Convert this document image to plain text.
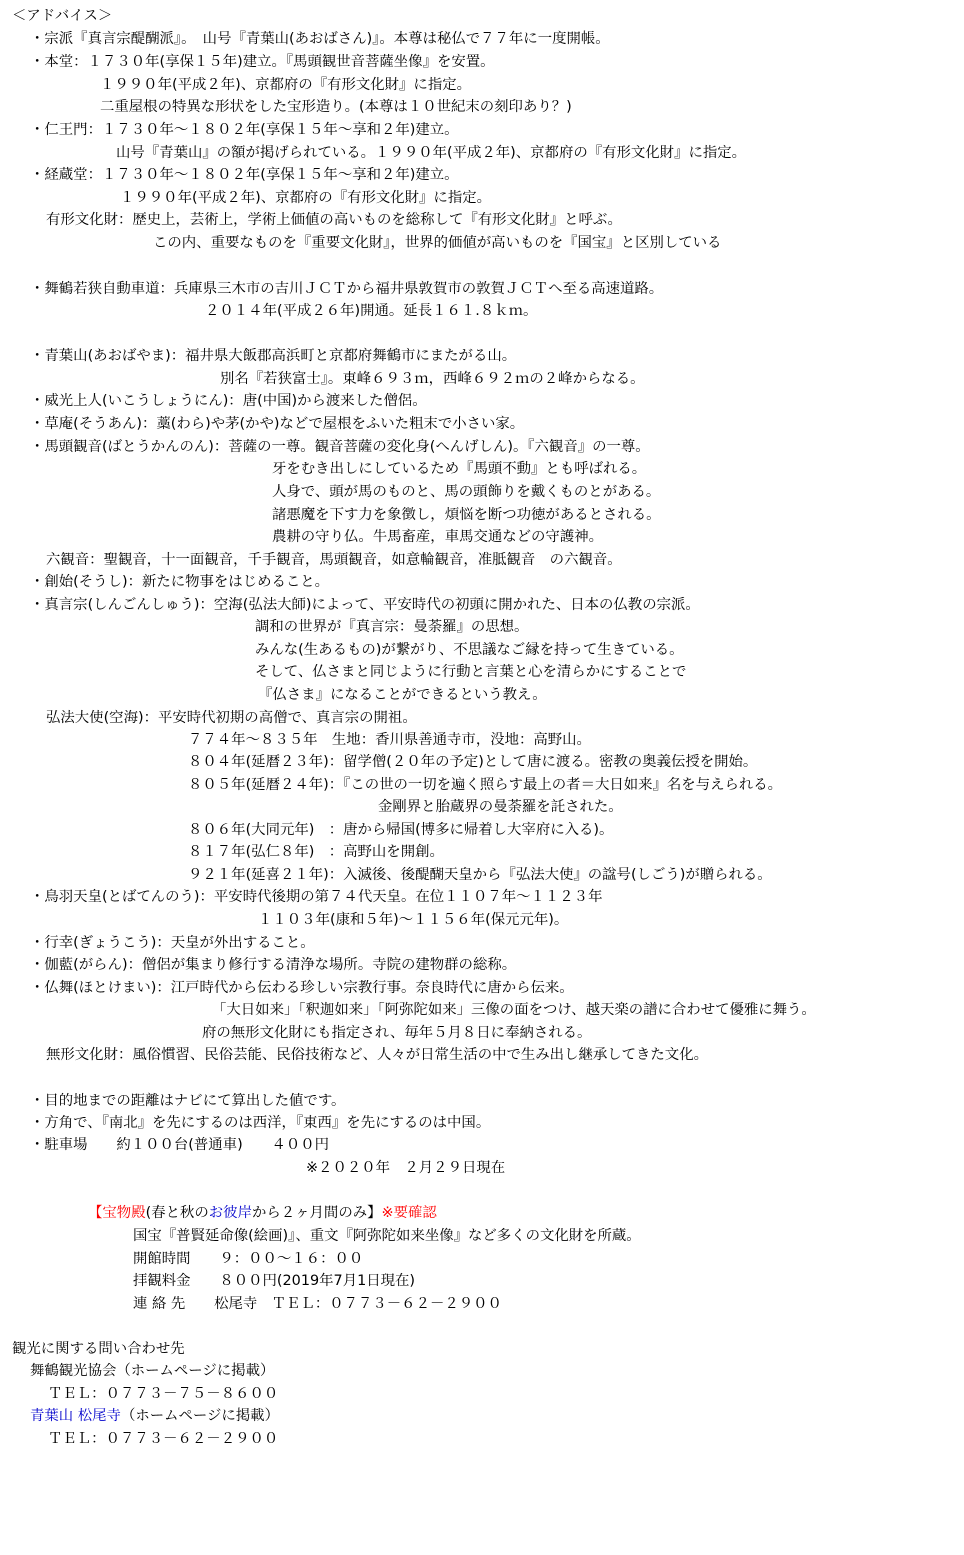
＜アドバイス＞
・宗派『真言宗醍醐派』。　山号『青葉山(あおばさん)』。本尊は秘仏で７７年に一度開帳。
・本堂：１７３０年(享保１５年)建立。『馬頭観世音菩薩坐像』を安置。
１９９０年(平成２年)、京都府の『有形文化財』に指定。
二重屋根の特異な形状をした宝形造り。(本尊は１０世紀末の刻印あり？)
・仁王門：１７３０年～１８０２年(享保１５年～享和２年)建立。
山号『青葉山』の額が掲げられている。１９９０年(平成２年)、京都府の『有形文化財』に指定。
・経蔵堂：１７３０年～１８０２年(享保１５年～享和２年)建立。
１９９０年(平成２年)、京都府の『有形文化財』に指定。
有形文化財：歴史上，芸術上，学術上価値の高いものを総称して『有形文化財』と呼ぶ。
この内、重要なものを『重要文化財』，世界的価値が高いものを『国宝』と区別している
・舞鶴若狭自動車道：兵庫県三木市の吉川ＪＣＴから福井県敦賀市の敦賀ＪＣＴへ至る高速道路。
２０１４年(平成２６年)開通。延長１６１.８ｋｍ。
・青葉山(あおばやま)：福井県大飯郡高浜町と京都府舞鶴市にまたがる山。
別名『若狭富士』。東峰６９３ｍ，西峰６９２ｍの２峰からなる。
・威光上人(いこうしょうにん)：唐(中国)から渡来した僧侶。
・草庵(そうあん)：藁(わら)や茅(かや)などで屋根をふいた粗末で小さい家。
・馬頭観音(ばとうかんのん)：菩薩の一尊。観音菩薩の変化身(へんげしん)。『六観音』の一尊。
牙をむき出しにしているため『馬頭不動』とも呼ばれる。
人身で、頭が馬のものと、馬の頭飾りを戴くものとがある。
諸悪魔を下す力を象徴し，煩悩を断つ功徳があるとされる。
農耕の守り仏。牛馬畜産，車馬交通などの守護神。
六観音：聖観音，十一面観音，千手観音，馬頭観音，如意輪観音，准胝観音　の六観音。
・創始(そうし)：新たに物事をはじめること。
・真言宗(しんごんしゅう)：空海(弘法大師)によって、平安時代の初頭に開かれた、日本の仏教の宗派。
調和の世界が『真言宗：曼荼羅』の思想。
みんな(生あるもの)が繋がり、不思議なご縁を持って生きている。
そして、仏さまと同じように行動と言葉と心を清らかにすることで
『仏さま』になることができるという教え。
弘法大使(空海)：平安時代初期の高僧で、真言宗の開祖。
７７４年～８３５年　生地：香川県善通寺市，没地：高野山。
８０４年(延暦２３年)：留学僧(２０年の予定)として唐に渡る。密教の奥義伝授を開始。
８０５年(延暦２４年)：『この世の一切を遍く照らす最上の者＝大日如来』名を与えられる。
金剛界と胎蔵界の曼荼羅を託された。
８０６年(大同元年)　：唐から帰国(博多に帰着し大宰府に入る)。
８１７年(弘仁８年)　：高野山を開創。
９２１年(延喜２１年)：入滅後、後醍醐天皇から『弘法大使』の諡号(しごう)が贈られる。
・鳥羽天皇(とばてんのう)：平安時代後期の第７４代天皇。在位１１０７年～１１２３年
１１０３年(康和５年)～１１５６年(保元元年)。
・行幸(ぎょうこう)：天皇が外出すること。
・伽藍(がらん)：僧侶が集まり修行する清浄な場所。寺院の建物群の総称。
・仏舞(ほとけまい)：江戸時代から伝わる珍しい宗教行事。奈良時代に唐から伝来。
「大日如来」「釈迦如来」「阿弥陀如来」三像の面をつけ、越天楽の譜に合わせて優雅に舞う。
府の無形文化財にも指定され、毎年５月８日に奉納される。
無形文化財：風俗慣習、民俗芸能、民俗技術など、人々が日常生活の中で生み出し継承してきた文化。
・目的地までの距離はナビにて算出した値です。
・方角で、『南北』を先にするのは西洋，『東西』を先にするのは中国。
・駐車場　　約１００台(普通車)　　４００円
※２０２０年　２月２９日現在
【宝物殿(春と秋のお彼岸から２ヶ月間のみ】※要確認
国宝『普賢延命像(絵画)』、重文『阿弥陀如来坐像』など多くの文化財を所蔵。
開館時間　　９：００～１６：００
拝観料金　　８００円(2019年7月1日現在)
連 絡 先　　松尾寺　ＴＥＬ：０７７３－６２－２９００
観光に関する問い合わせ先
舞鶴観光協会（ホームページに掲載）
ＴＥＬ：０７７３－７５－８６００
青葉山 松尾寺（ホームページに掲載）
ＴＥＬ：０７７３－６２－２９００
